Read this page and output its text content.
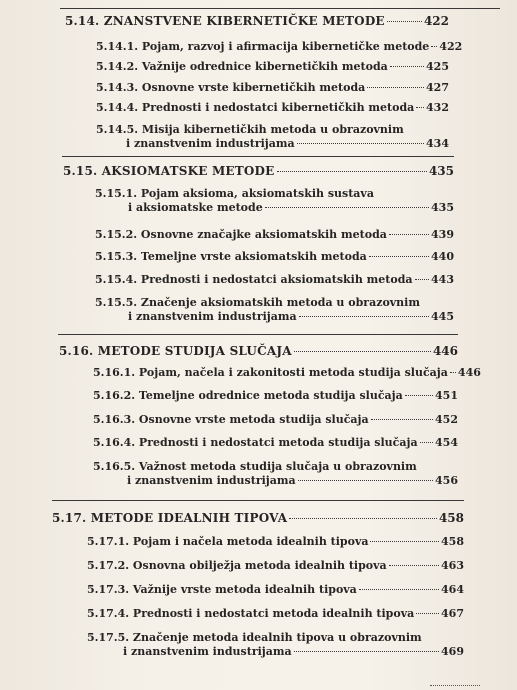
5.14. ZNANSTVENE KIBERNETIČKE METODE	422
5.14.1. Pojam, razvoj i afirmacija kibernetičke metode 422
5.14.2. Važnije odrednice kibernetičkih metoda	425
5.14.3. Osnovne vrste kibernetičkih metoda	427
5.14.4. Prednosti i nedostatci kibernetičkih metoda 432
5.14.5. Misija kibernetičkih metoda u obrazovnim
i znanstvenim industrijama	434
5.15. AKSIOMATSKE METODE	435
5.15.1. Pojam aksioma, aksiomatskih sustava
i aksiomatske metode	435
5.15.2. Osnovne značajke aksiomatskih metoda	439
5.15.3. Temeljne vrste aksiomatskih metoda	440
5.15.4. Prednosti i nedostatci aksiomatskih metoda 443
5.15.5. Značenje aksiomatskih metoda u obrazovnim
i znanstvenim industrijama	445
5.16. METODE STUDIJA SLUČAJA	446
5.16.1. Pojam, načela i zakonitosti metoda studija slučaja 446
5.16.2. Temeljne odrednice metoda studija slučaja	451
5.16.3. Osnovne vrste metoda studija slučaja	452
5.16.4. Prednosti i nedostatci metoda studija slučaja 454
5.16.5. Važnost metoda studija slučaja u obrazovnim
i znanstvenim industrijama	456
5.17. METODE IDEALNIH TIPOVA	458
5.17.1. Pojam i načela metoda idealnih tipova	458
5.17.2. Osnovna obilježja metoda idealnih tipova	463
5.17.3. Važnije vrste metoda idealnih tipova	464
5.17.4. Prednosti i nedostatci metoda idealnih tipova 467
5.17.5. Značenje metoda idealnih tipova u obrazovnim
i znanstvenim industrijama	469
